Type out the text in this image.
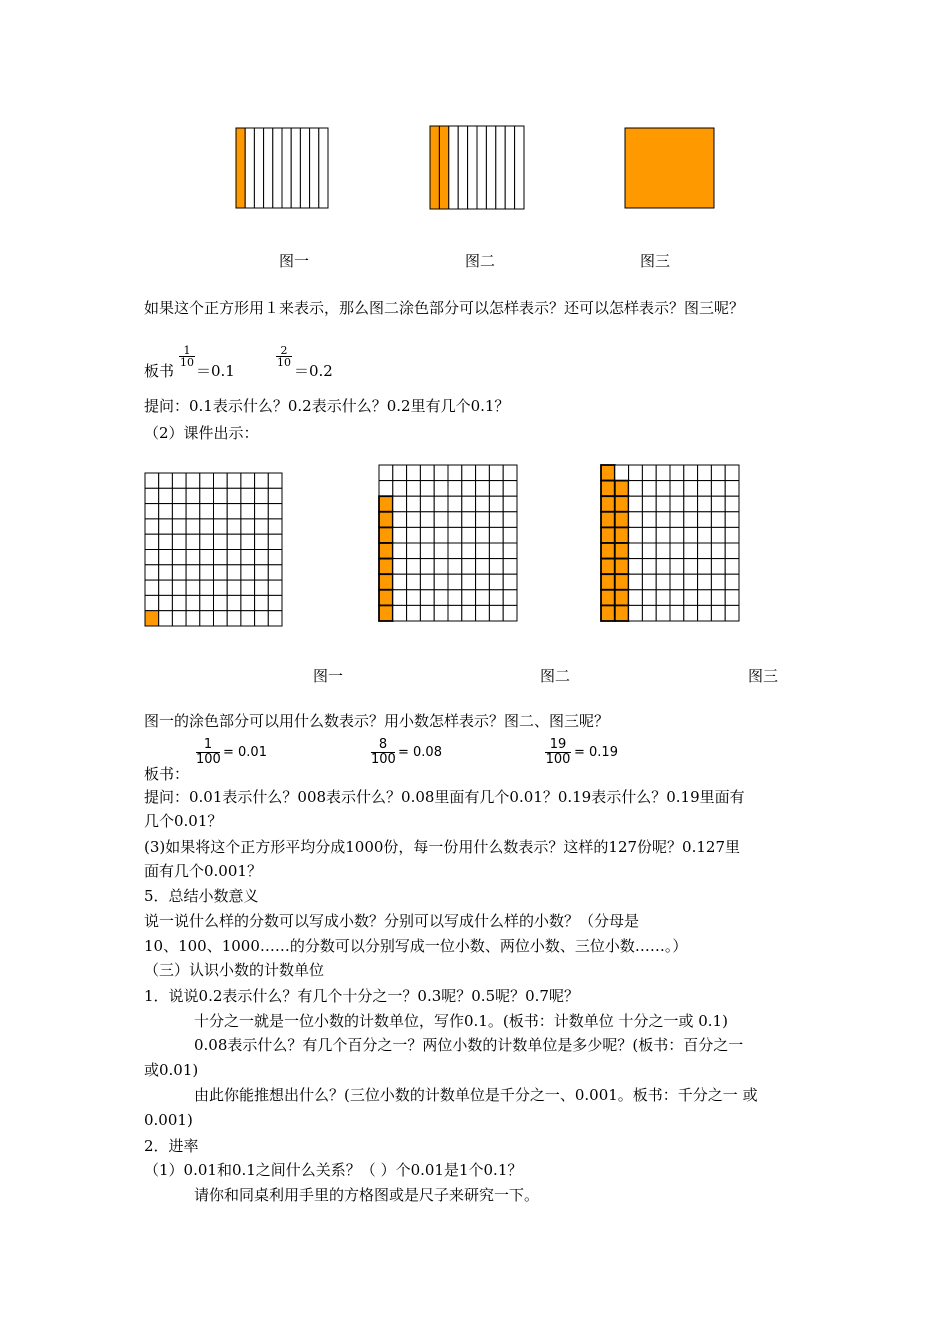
图一	图二	图三
如果这个正方形用１来表示，那么图二涂色部分可以怎样表示？还可以怎样表示？图三呢？
板书
$\frac{1}{10}$
＝0.1
$\frac{2}{10}$
＝0.2
提问：0.1表示什么？0.2表示什么？0.2里有几个0.1？
（2）课件出示：
图一	图二	图三
图一的涂色部分可以用什么数表示？用小数怎样表示？图二、图三呢？
1
100 = 0.01
8
100 = 0.08
19
100 = 0.19
板书：
提问：0.01表示什么？008表示什么？0.08里面有几个0.01？0.19表示什么？0.19里面有
几个0.01？
(3)如果将这个正方形平均分成1000份，每一份用什么数表示？这样的127份呢？0.127里
面有几个0.001？
5．总结小数意义
说一说什么样的分数可以写成小数？分别可以写成什么样的小数？（分母是
10、100、1000……的分数可以分别写成一位小数、两位小数、三位小数……。）
（三）认识小数的计数单位
1．说说0.2表示什么？有几个十分之一？0.3呢？0.5呢？0.7呢？
十分之一就是一位小数的计数单位，写作0.1。(板书：计数单位 十分之一或 0.1)
0.08表示什么？有几个百分之一？两位小数的计数单位是多少呢？(板书：百分之一
或0.01)
由此你能推想出什么？(三位小数的计数单位是千分之一、0.001。板书：千分之一 或
0.001)
2．进率
（1）0.01和0.1之间什么关系？（ ）个0.01是1个0.1？
请你和同桌利用手里的方格图或是尺子来研究一下。
